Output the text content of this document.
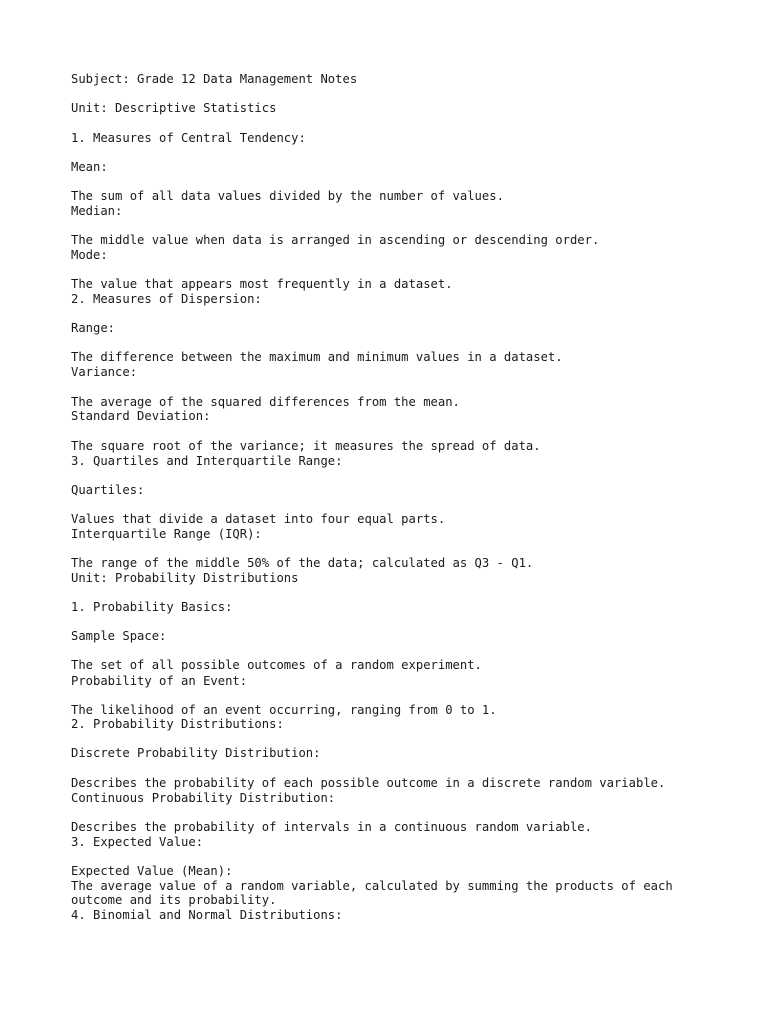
Subject: Grade 12 Data Management Notes

Unit: Descriptive Statistics

1. Measures of Central Tendency:

Mean:

The sum of all data values divided by the number of values.

Median:

The middle value when data is arranged in ascending or descending order.

Mode:

The value that appears most frequently in a dataset.

2. Measures of Dispersion:

Range:

The difference between the maximum and minimum values in a dataset.

Variance:

The average of the squared differences from the mean.

Standard Deviation:

The square root of the variance; it measures the spread of data.

3. Quartiles and Interquartile Range:

Quartiles:

Values that divide a dataset into four equal parts.

Interquartile Range (IQR):

The range of the middle 50% of the data; calculated as Q3 - Q1.

Unit: Probability Distributions

1. Probability Basics:

Sample Space:

The set of all possible outcomes of a random experiment.

Probability of an Event:

The likelihood of an event occurring, ranging from 0 to 1.

2. Probability Distributions:

Discrete Probability Distribution:

Describes the probability of each possible outcome in a discrete random variable.

Continuous Probability Distribution:

Describes the probability of intervals in a continuous random variable.

3. Expected Value:

Expected Value (Mean):

The average value of a random variable, calculated by summing the products of each

outcome and its probability.

4. Binomial and Normal Distributions:
